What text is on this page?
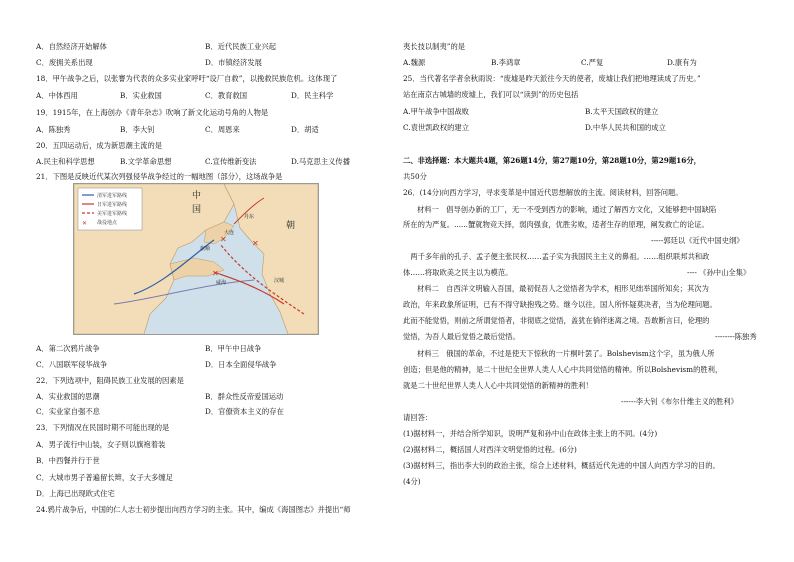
A．自然经济开始解体	B．近代民族工业兴起
C．废拥关系出现	D．市镇经济发展
18．甲午战争之后，以张謇为代表的众多实业家呼吁“设厂自救”，以挽救民族危机。这体现了
A．中体西用	B．实业救国	C．教育救国	D．民主科学
19．1915年，在上海创办《青年杂志》吹响了新文化运动号角的人物是
A．陈独秀	B．李大钊	C．周恩来	D．胡适
20．五四运动后，成为新思潮主流的是
A.民主和科学思想	B.文学革命思想	C.宣传维新变法	D.马克思主义传播
21．下图是反映近代某次列强侵华战争经过的一幅地图（部分），这场战争是
✕
✕
✕
✕
清军进军路线
日军进军路线
美军进军路线
战役地点
中
朝
国
旅顺
威海
大连
汉城
丹东
A．第二次鸦片战争	B．甲午中日战争
C．八国联军侵华战争	D．日本全面侵华战争
22．下列选项中，阻碍民族工业发展的因素是
A．实业救国的思潮	B．群众性反帝爱国运动
C．实业家自强不息	D．官僚资本主义的存在
23．下列情况在民国时期不可能出现的是
A．男子流行中山装，女子则以旗袍着装
B．中西餐并行于世
C．大城市男子普遍留长辫，女子大多缠足
D．上海已出现欧式住宅
24.鸦片战争后，中国的仁人志士初步提出向西方学习的主张。其中，编成《海国图志》并提出“师
夷长技以制夷”的是
A.魏源	B.李鸿章	C.严复	D.康有为
25．当代著名学者余秋雨说：“废墟是昨天派往今天的使者，废墟让我们把地理读成了历史。”
站在南京古城墙的废墟上，我们可以“读到”的历史包括
A.甲午战争中国战败	B.太平天国政权的建立
C.袁世凯政权的建立	D.中华人民共和国的成立
二、非选择题：本大题共4题，第26题14分，第27题10分，第28题10分，第29题16分，
共50分
26．(14分)向西方学习，寻求变革是中国近代思想解放的主流。阅读材料，回答问题。
材料一　倡导创办新的工厂，无一不受到西方的影响，通过了解西方文化，又能够把中国缺陷
所在的为严复。......蟹就物竞天择，弱肉强食，优胜劣败，适者生存的原理，阐发救亡的论证。
-----郭廷以《近代中国史纲》
　两千多年前的孔子、孟子便主张民权……孟子实为我国民主主义的鼻祖。……组织联邦共和政
体……将取欧美之民主以为模范。	---- 《孙中山全集》
材料二　自西洋文明输入吾国，最初促吾人之觉悟者为学术，相形见绌举国所知矣；其次为
政治，年来政象所证明，已有不得守缺抱残之势。继今以往，国人所怀疑莫决者，当为伦理问题。
此而不能觉悟，则前之所谓觉悟者，非彻底之觉悟，盖犹在徜徉迷离之境。吾敢断言曰，伦理的
觉悟，为吾人最后觉悟之最后觉悟。	--------陈独秀
材料三　俄国的革命，不过是使天下惊秋的一片桐叶罢了。Bolshevism这个字，虽为俄人所
创造；但是他的精神，是二十世纪全世界人类人人心中共同觉悟的精神。所以Bolshevism的胜利，
就是二十世纪世界人类人人心中共同觉悟的新精神的胜利！
------李大钊《布尔什维主义的胜利》
请回答：
(1)据材料一，并结合所学知识，说明严复和孙中山在政体主张上的不同。(4分)
(2)据材料二，概括国人对西洋文明觉悟的过程。(6分)
(3)据材料三，指出李大钊的政治主张，综合上述材料，概括近代先进的中国人向西方学习的目的。
(4分)
